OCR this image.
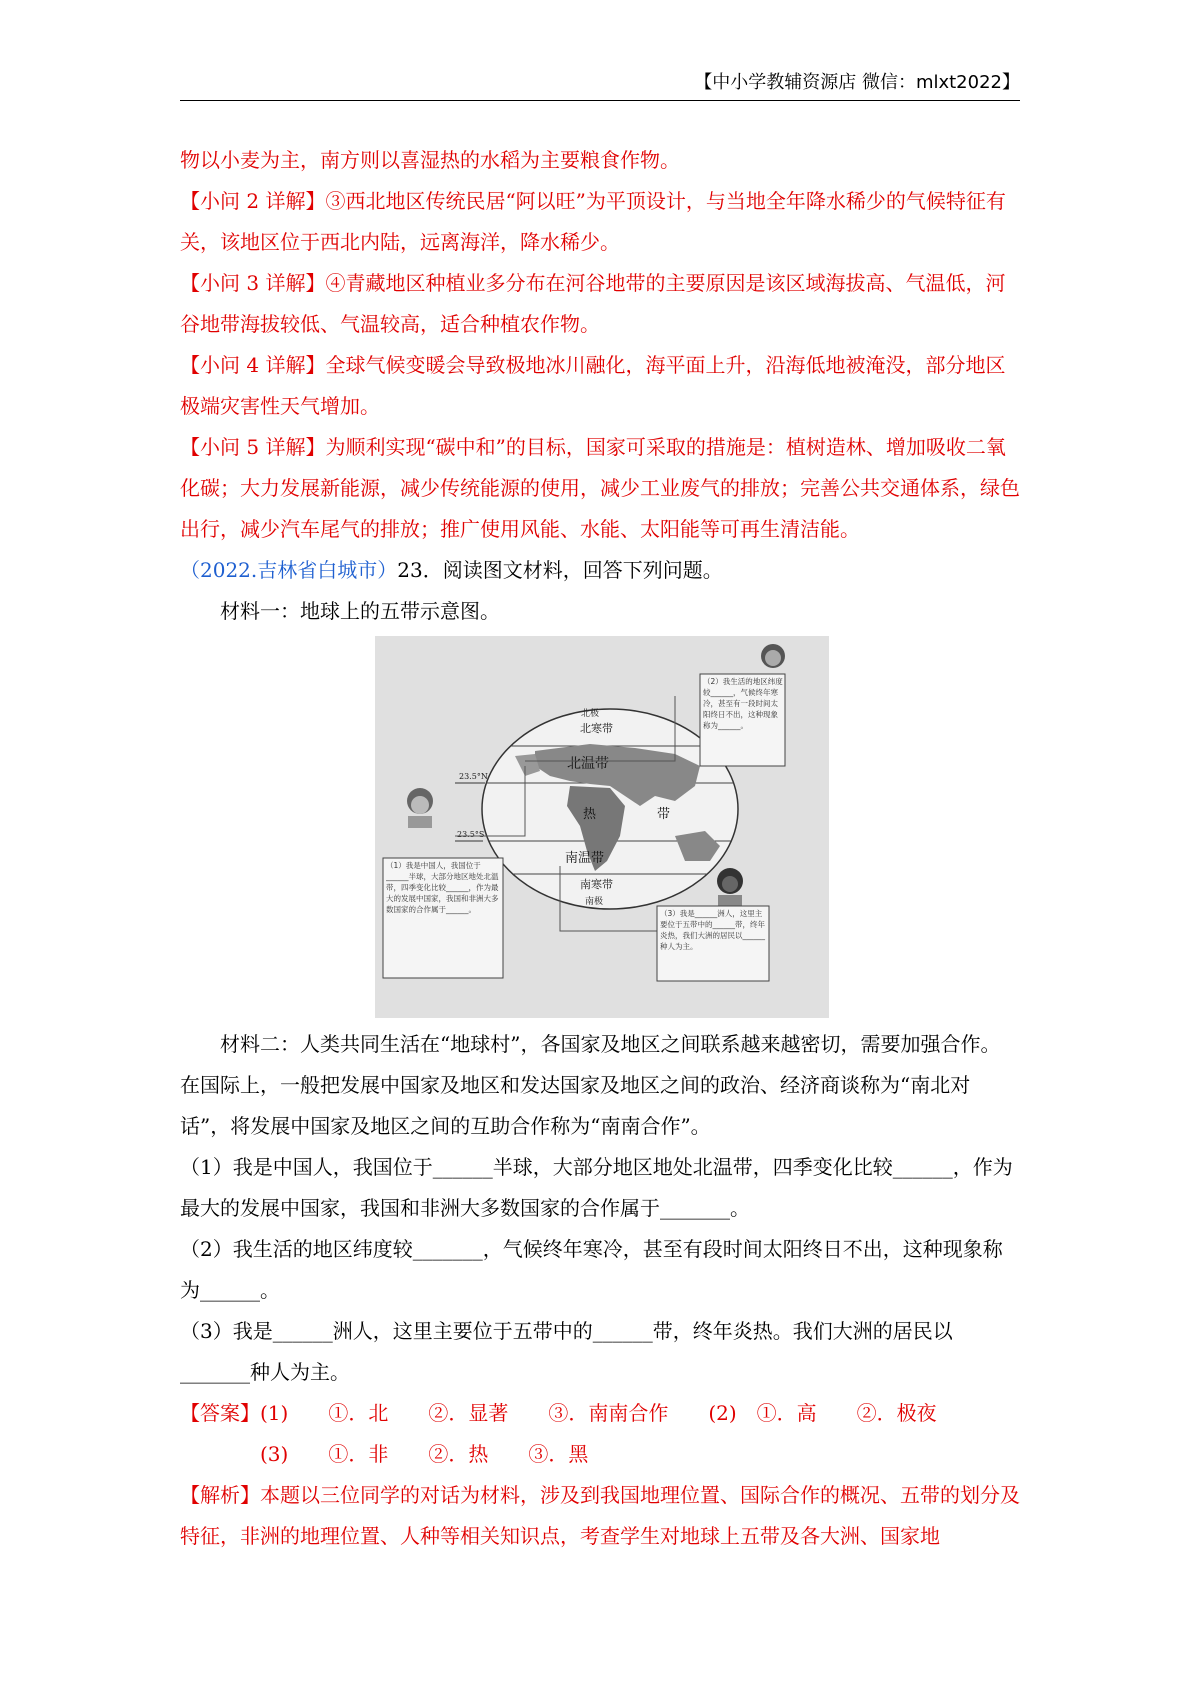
【中小学教辅资源店 微信：mlxt2022】

物以小麦为主，南方则以喜湿热的水稻为主要粮食作物。

【小问 2 详解】③西北地区传统民居“阿以旺”为平顶设计，与当地全年降水稀少的气候特征有关，该地区位于西北内陆，远离海洋，降水稀少。

【小问 3 详解】④青藏地区种植业多分布在河谷地带的主要原因是该区域海拔高、气温低，河谷地带海拔较低、气温较高，适合种植农作物。

【小问 4 详解】全球气候变暖会导致极地冰川融化，海平面上升，沿海低地被淹没，部分地区极端灾害性天气增加。

【小问 5 详解】为顺利实现“碳中和”的目标，国家可采取的措施是：植树造林、增加吸收二氧化碳；大力发展新能源，减少传统能源的使用，减少工业废气的排放；完善公共交通体系，绿色出行，减少汽车尾气的排放；推广使用风能、水能、太阳能等可再生清洁能。

（2022.吉林省白城市）23．阅读图文材料，回答下列问题。

材料一：地球上的五带示意图。

北寒带
北温带
热	带
南温带
南寒带
北极
南极
23.5°N
23.5°S
（2）我生活的地区纬度较______，气候终年寒冷，甚至有一段时间太阳终日不出，这种现象称为______。
（1）我是中国人，我国位于______半球，大部分地区地处北温带，四季变化比较______，作为最大的发展中国家，我国和非洲大多数国家的合作属于______。	（3）我是______洲人，这里主要位于五带中的______带，终年炎热，我们大洲的居民以______种人为主。

材料二：人类共同生活在“地球村”，各国家及地区之间联系越来越密切，需要加强合作。在国际上，一般把发展中国家及地区和发达国家及地区之间的政治、经济商谈称为“南北对话”，将发展中国家及地区之间的互助合作称为“南南合作”。

（1）我是中国人，我国位于______半球，大部分地区地处北温带，四季变化比较______，作为最大的发展中国家，我国和非洲大多数国家的合作属于_______。

（2）我生活的地区纬度较_______，气候终年寒冷，甚至有段时间太阳终日不出，这种现象称为______。

（3）我是______洲人，这里主要位于五带中的______带，终年炎热。我们大洲的居民以_______种人为主。

【答案】(1)　　①．北　　②．显著　　③．南南合作　　(2)　①．高　　②．极夜

　　　　(3)　　①．非　　②．热　　③．黑

【解析】本题以三位同学的对话为材料，涉及到我国地理位置、国际合作的概况、五带的划分及特征，非洲的地理位置、人种等相关知识点，考查学生对地球上五带及各大洲、国家地
